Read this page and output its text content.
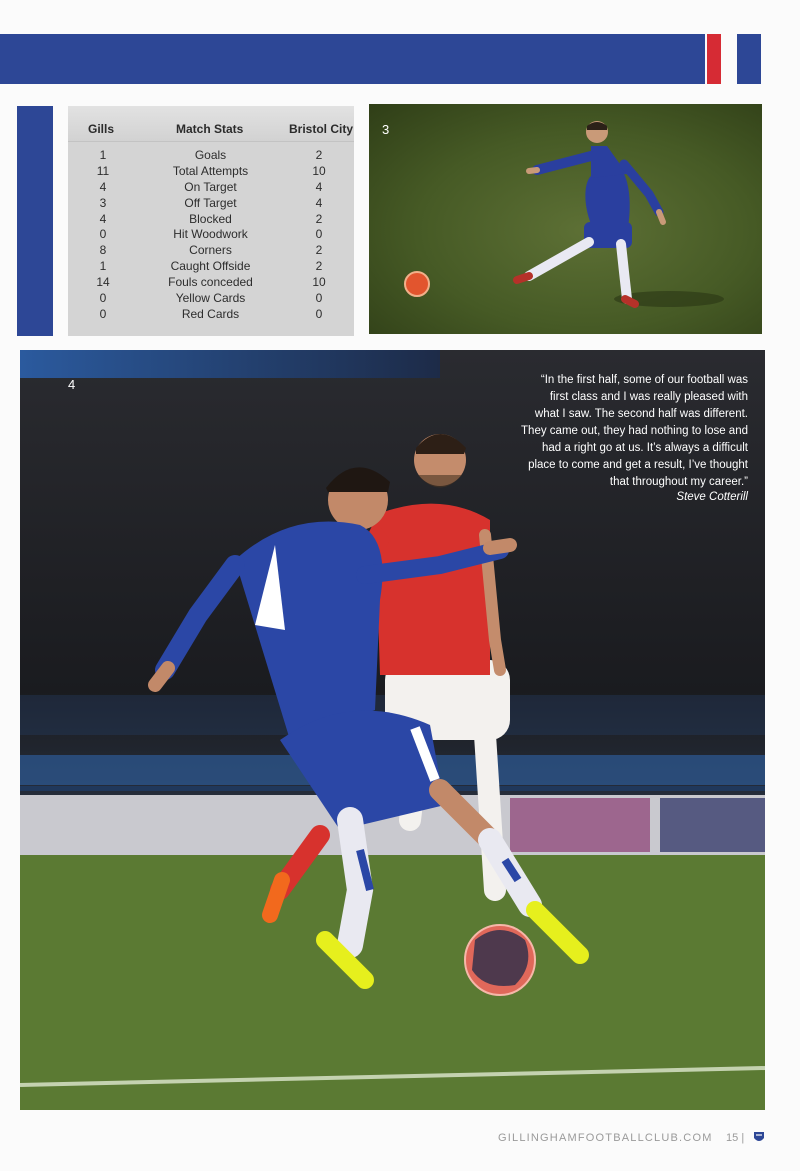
Gills	Match Stats	Bristol City
1	Goals	2
11	Total Attempts	10
4	On Target	4
3	Off Target	4
4	Blocked	2
0	Hit Woodwork	0
8	Corners	2
1	Caught Offside	2
14	Fouls conceded	10
0	Yellow Cards	0
0	Red Cards	0
3
4	“In the first half, some of our football was
first class and I was really pleased with
what I saw. The second half was different.
They came out, they had nothing to lose and
had a right go at us. It’s always a difficult
place to come and get a result, I’ve thought
that throughout my career.”
Steve Cotterill
GILLINGHAMFOOTBALLCLUB.COM 15 |
